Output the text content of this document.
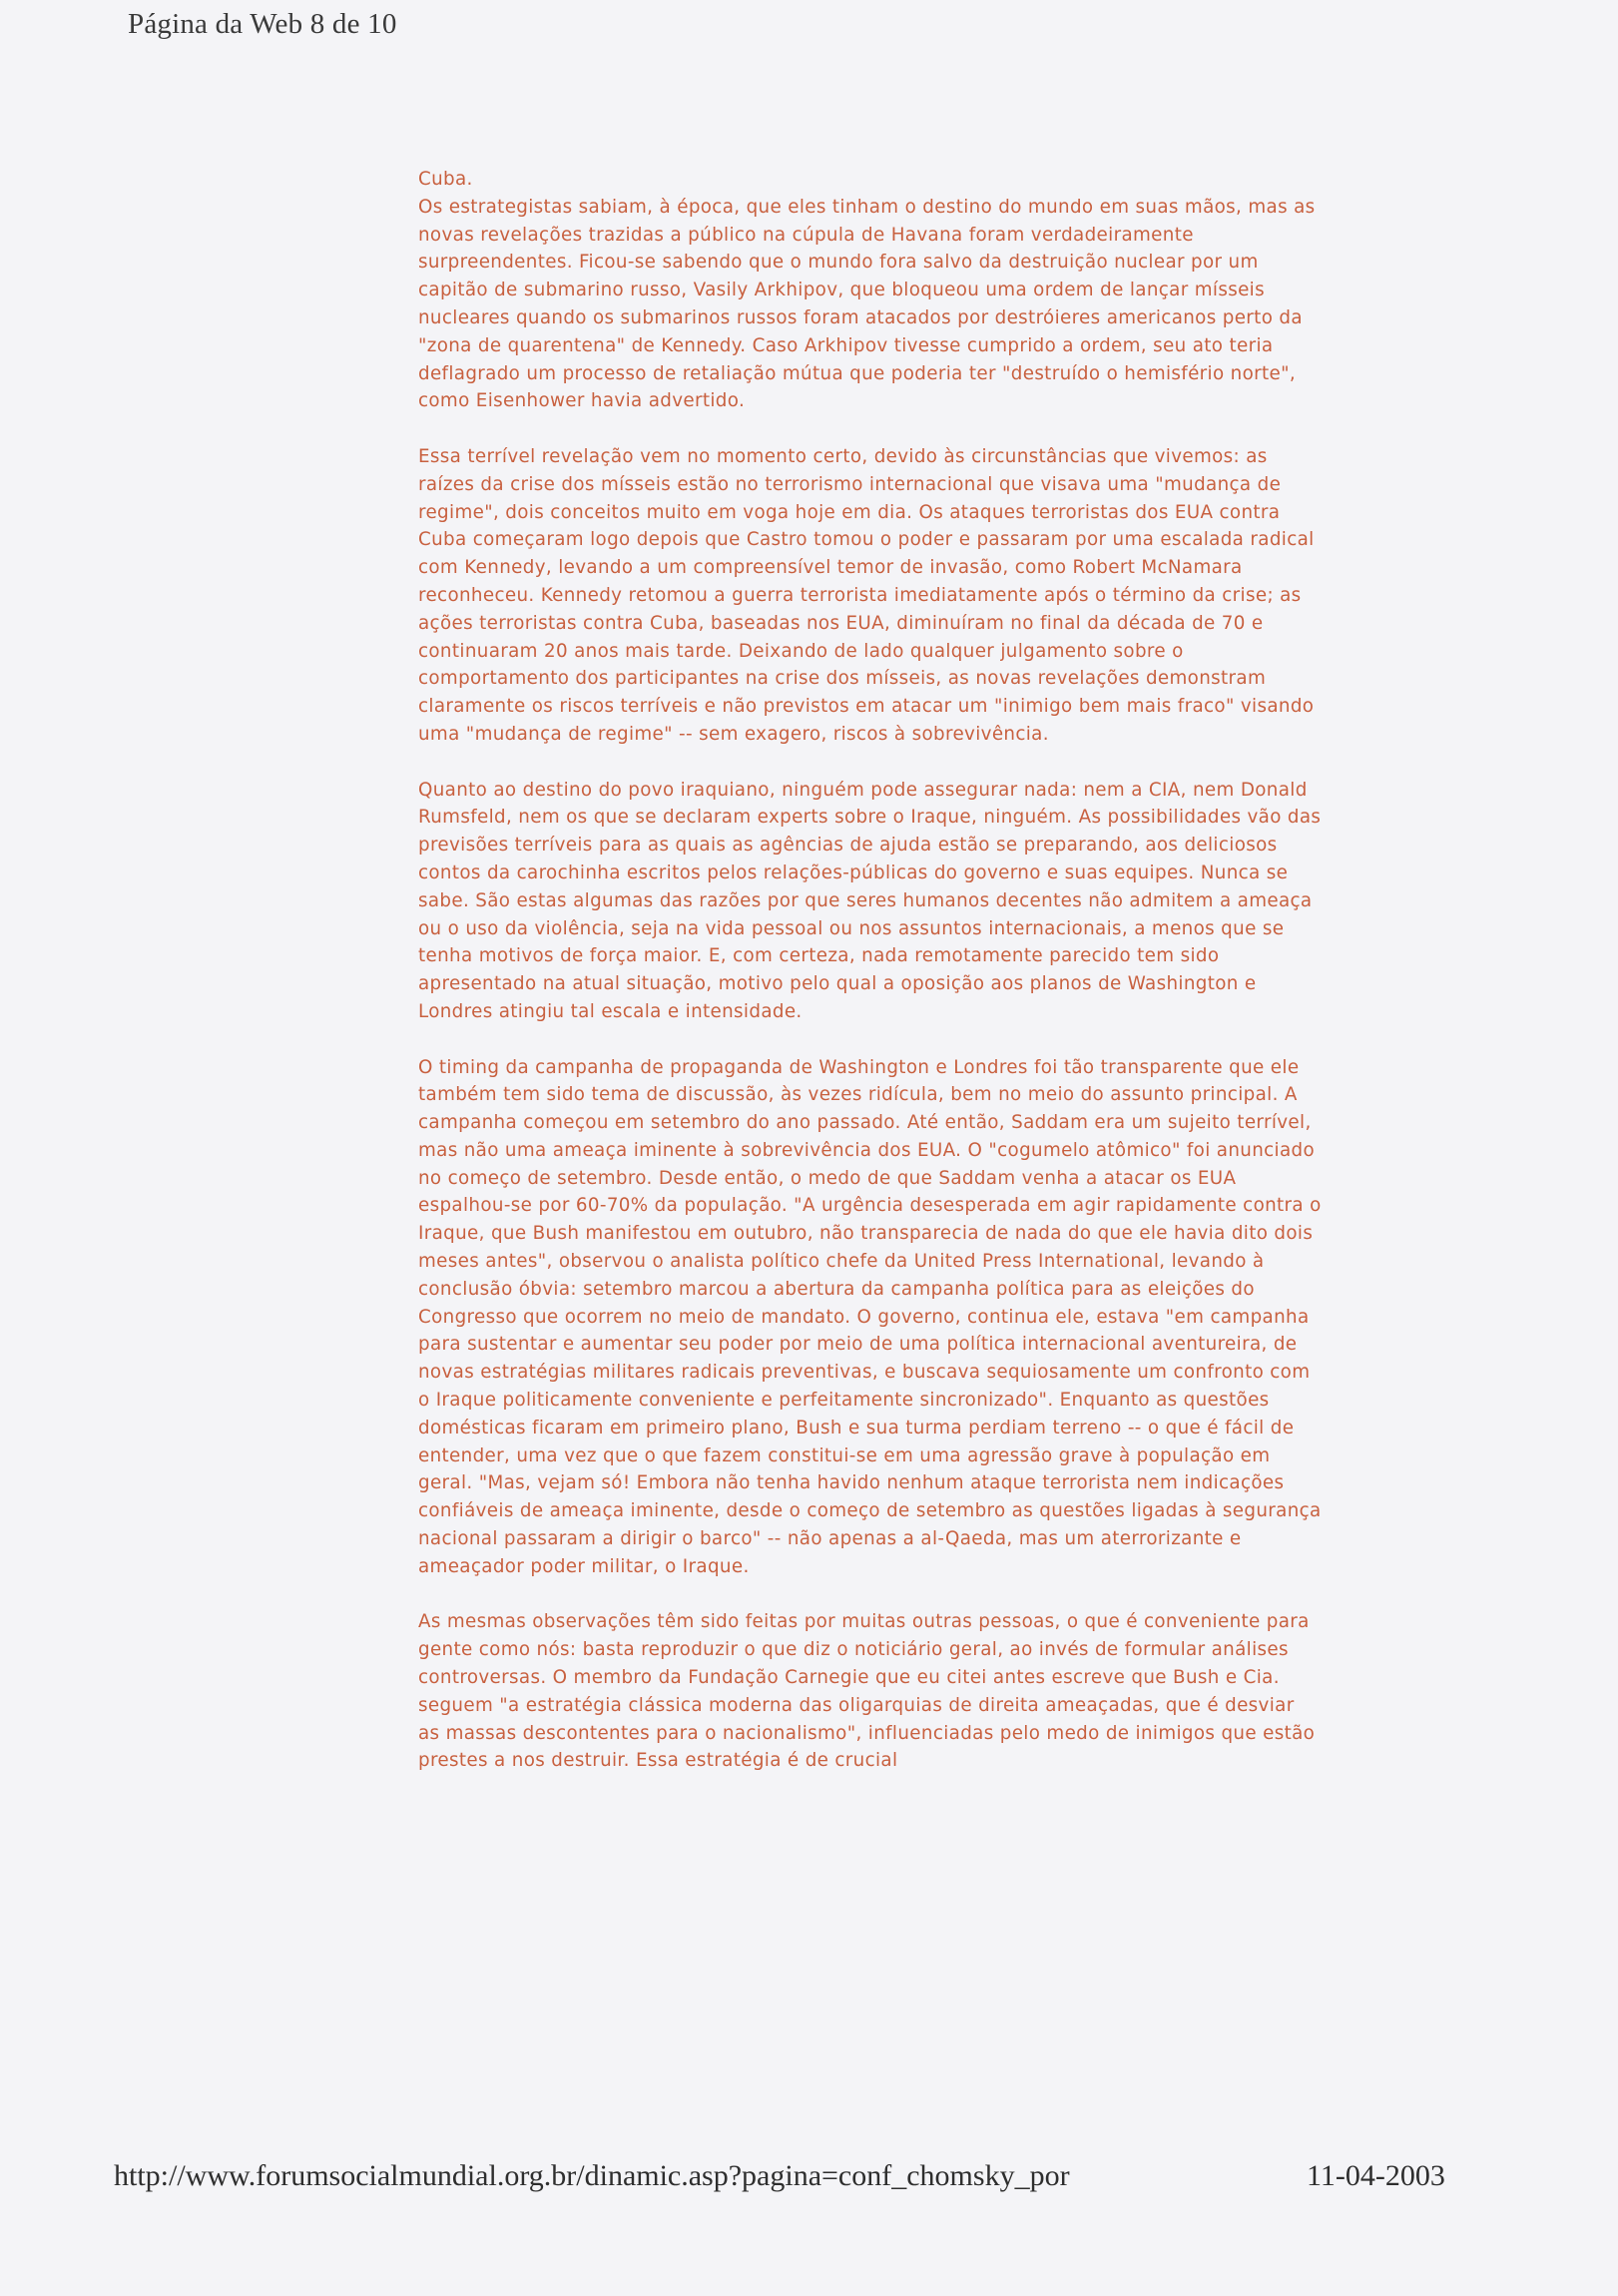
Página da Web 8 de 10

Cuba.
Os estrategistas sabiam, à época, que eles tinham o destino do mundo em suas mãos, mas as novas revelações trazidas a público na cúpula de Havana foram verdadeiramente surpreendentes. Ficou-se sabendo que o mundo fora salvo da destruição nuclear por um capitão de submarino russo, Vasily Arkhipov, que bloqueou uma ordem de lançar mísseis nucleares quando os submarinos russos foram atacados por destróieres americanos perto da "zona de quarentena" de Kennedy. Caso Arkhipov tivesse cumprido a ordem, seu ato teria deflagrado um processo de retaliação mútua que poderia ter "destruído o hemisfério norte", como Eisenhower havia advertido.

Essa terrível revelação vem no momento certo, devido às circunstâncias que vivemos: as raízes da crise dos mísseis estão no terrorismo internacional que visava uma "mudança de regime", dois conceitos muito em voga hoje em dia. Os ataques terroristas dos EUA contra Cuba começaram logo depois que Castro tomou o poder e passaram por uma escalada radical com Kennedy, levando a um compreensível temor de invasão, como Robert McNamara reconheceu. Kennedy retomou a guerra terrorista imediatamente após o término da crise; as ações terroristas contra Cuba, baseadas nos EUA, diminuíram no final da década de 70 e continuaram 20 anos mais tarde. Deixando de lado qualquer julgamento sobre o comportamento dos participantes na crise dos mísseis, as novas revelações demonstram claramente os riscos terríveis e não previstos em atacar um "inimigo bem mais fraco" visando uma "mudança de regime" -- sem exagero, riscos à sobrevivência.

Quanto ao destino do povo iraquiano, ninguém pode assegurar nada: nem a CIA, nem Donald Rumsfeld, nem os que se declaram experts sobre o Iraque, ninguém. As possibilidades vão das previsões terríveis para as quais as agências de ajuda estão se preparando, aos deliciosos contos da carochinha escritos pelos relações-públicas do governo e suas equipes. Nunca se sabe. São estas algumas das razões por que seres humanos decentes não admitem a ameaça ou o uso da violência, seja na vida pessoal ou nos assuntos internacionais, a menos que se tenha motivos de força maior. E, com certeza, nada remotamente parecido tem sido apresentado na atual situação, motivo pelo qual a oposição aos planos de Washington e Londres atingiu tal escala e intensidade.

O timing da campanha de propaganda de Washington e Londres foi tão transparente que ele também tem sido tema de discussão, às vezes ridícula, bem no meio do assunto principal. A campanha começou em setembro do ano passado. Até então, Saddam era um sujeito terrível, mas não uma ameaça iminente à sobrevivência dos EUA. O "cogumelo atômico" foi anunciado no começo de setembro. Desde então, o medo de que Saddam venha a atacar os EUA espalhou-se por 60-70% da população. "A urgência desesperada em agir rapidamente contra o Iraque, que Bush manifestou em outubro, não transparecia de nada do que ele havia dito dois meses antes", observou o analista político chefe da United Press International, levando à conclusão óbvia: setembro marcou a abertura da campanha política para as eleições do Congresso que ocorrem no meio de mandato. O governo, continua ele, estava "em campanha para sustentar e aumentar seu poder por meio de uma política internacional aventureira, de novas estratégias militares radicais preventivas, e buscava sequiosamente um confronto com o Iraque politicamente conveniente e perfeitamente sincronizado". Enquanto as questões domésticas ficaram em primeiro plano, Bush e sua turma perdiam terreno -- o que é fácil de entender, uma vez que o que fazem constitui-se em uma agressão grave à população em geral. "Mas, vejam só! Embora não tenha havido nenhum ataque terrorista nem indicações confiáveis de ameaça iminente, desde o começo de setembro as questões ligadas à segurança nacional passaram a dirigir o barco" -- não apenas a al-Qaeda, mas um aterrorizante e ameaçador poder militar, o Iraque.

As mesmas observações têm sido feitas por muitas outras pessoas, o que é conveniente para gente como nós: basta reproduzir o que diz o noticiário geral, ao invés de formular análises controversas. O membro da Fundação Carnegie que eu citei antes escreve que Bush e Cia. seguem "a estratégia clássica moderna das oligarquias de direita ameaçadas, que é desviar as massas descontentes para o nacionalismo", influenciadas pelo medo de inimigos que estão prestes a nos destruir. Essa estratégia é de crucial

http://www.forumsocialmundial.org.br/dinamic.asp?pagina=conf_chomsky_por	11-04-2003
